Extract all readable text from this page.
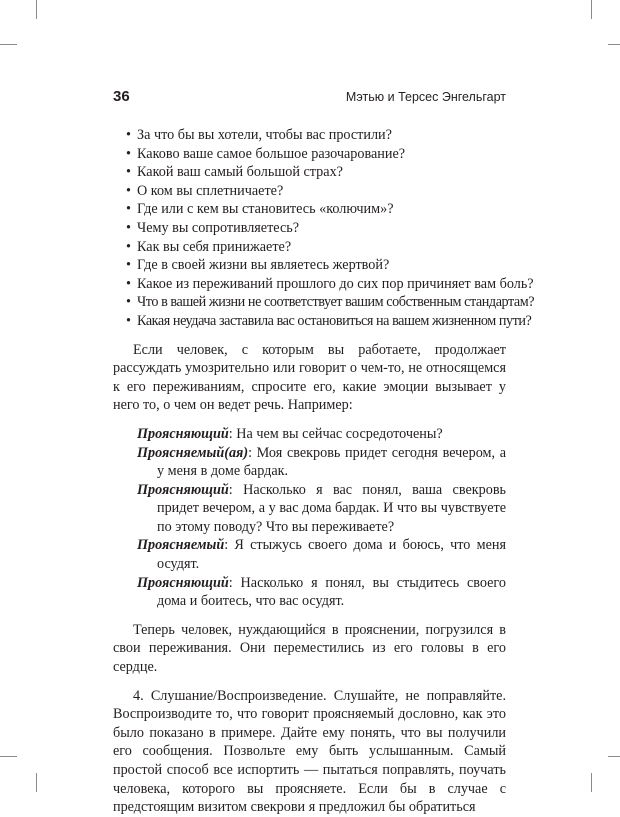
36	Мэтью и Терсес Энгельгарт
• За что бы вы хотели, чтобы вас простили?
• Каково ваше самое большое разочарование?
• Какой ваш самый большой страх?
• О ком вы сплетничаете?
• Где или с кем вы становитесь «колючим»?
• Чему вы сопротивляетесь?
• Как вы себя принижаете?
• Где в своей жизни вы являетесь жертвой?
• Какое из переживаний прошлого до сих пор причиняет вам боль?
• Что в вашей жизни не соответствует вашим собственным стандартам?
• Какая неудача заставила вас остановиться на вашем жизненном пути?

Если человек, с которым вы работаете, продолжает рассуждать умозрительно или говорит о чем-то, не относящемся к его переживаниям, спросите его, какие эмоции вызывает у него то, о чем он ведет речь. Например:

Проясняющий: На чем вы сейчас сосредоточены?
Проясняемый(ая): Моя свекровь придет сегодня вечером, а у меня в доме бардак.
Проясняющий: Насколько я вас понял, ваша свекровь придет вечером, а у вас дома бардак. И что вы чувствуете по этому поводу? Что вы переживаете?
Проясняемый: Я стыжусь своего дома и боюсь, что меня осудят.
Проясняющий: Насколько я понял, вы стыдитесь своего дома и боитесь, что вас осудят.

Теперь человек, нуждающийся в прояснении, погрузился в свои переживания. Они переместились из его головы в его сердце.

4. Слушание/Воспроизведение. Слушайте, не поправляйте. Воспроизводите то, что говорит проясняемый дословно, как это было показано в примере. Дайте ему понять, что вы получили его сообщения. Позвольте ему быть услышанным. Самый простой способ все испортить — пытаться поправлять, поучать человека, которого вы проясняете. Если бы в случае с предстоящим визитом свекрови я предложил бы обратиться
